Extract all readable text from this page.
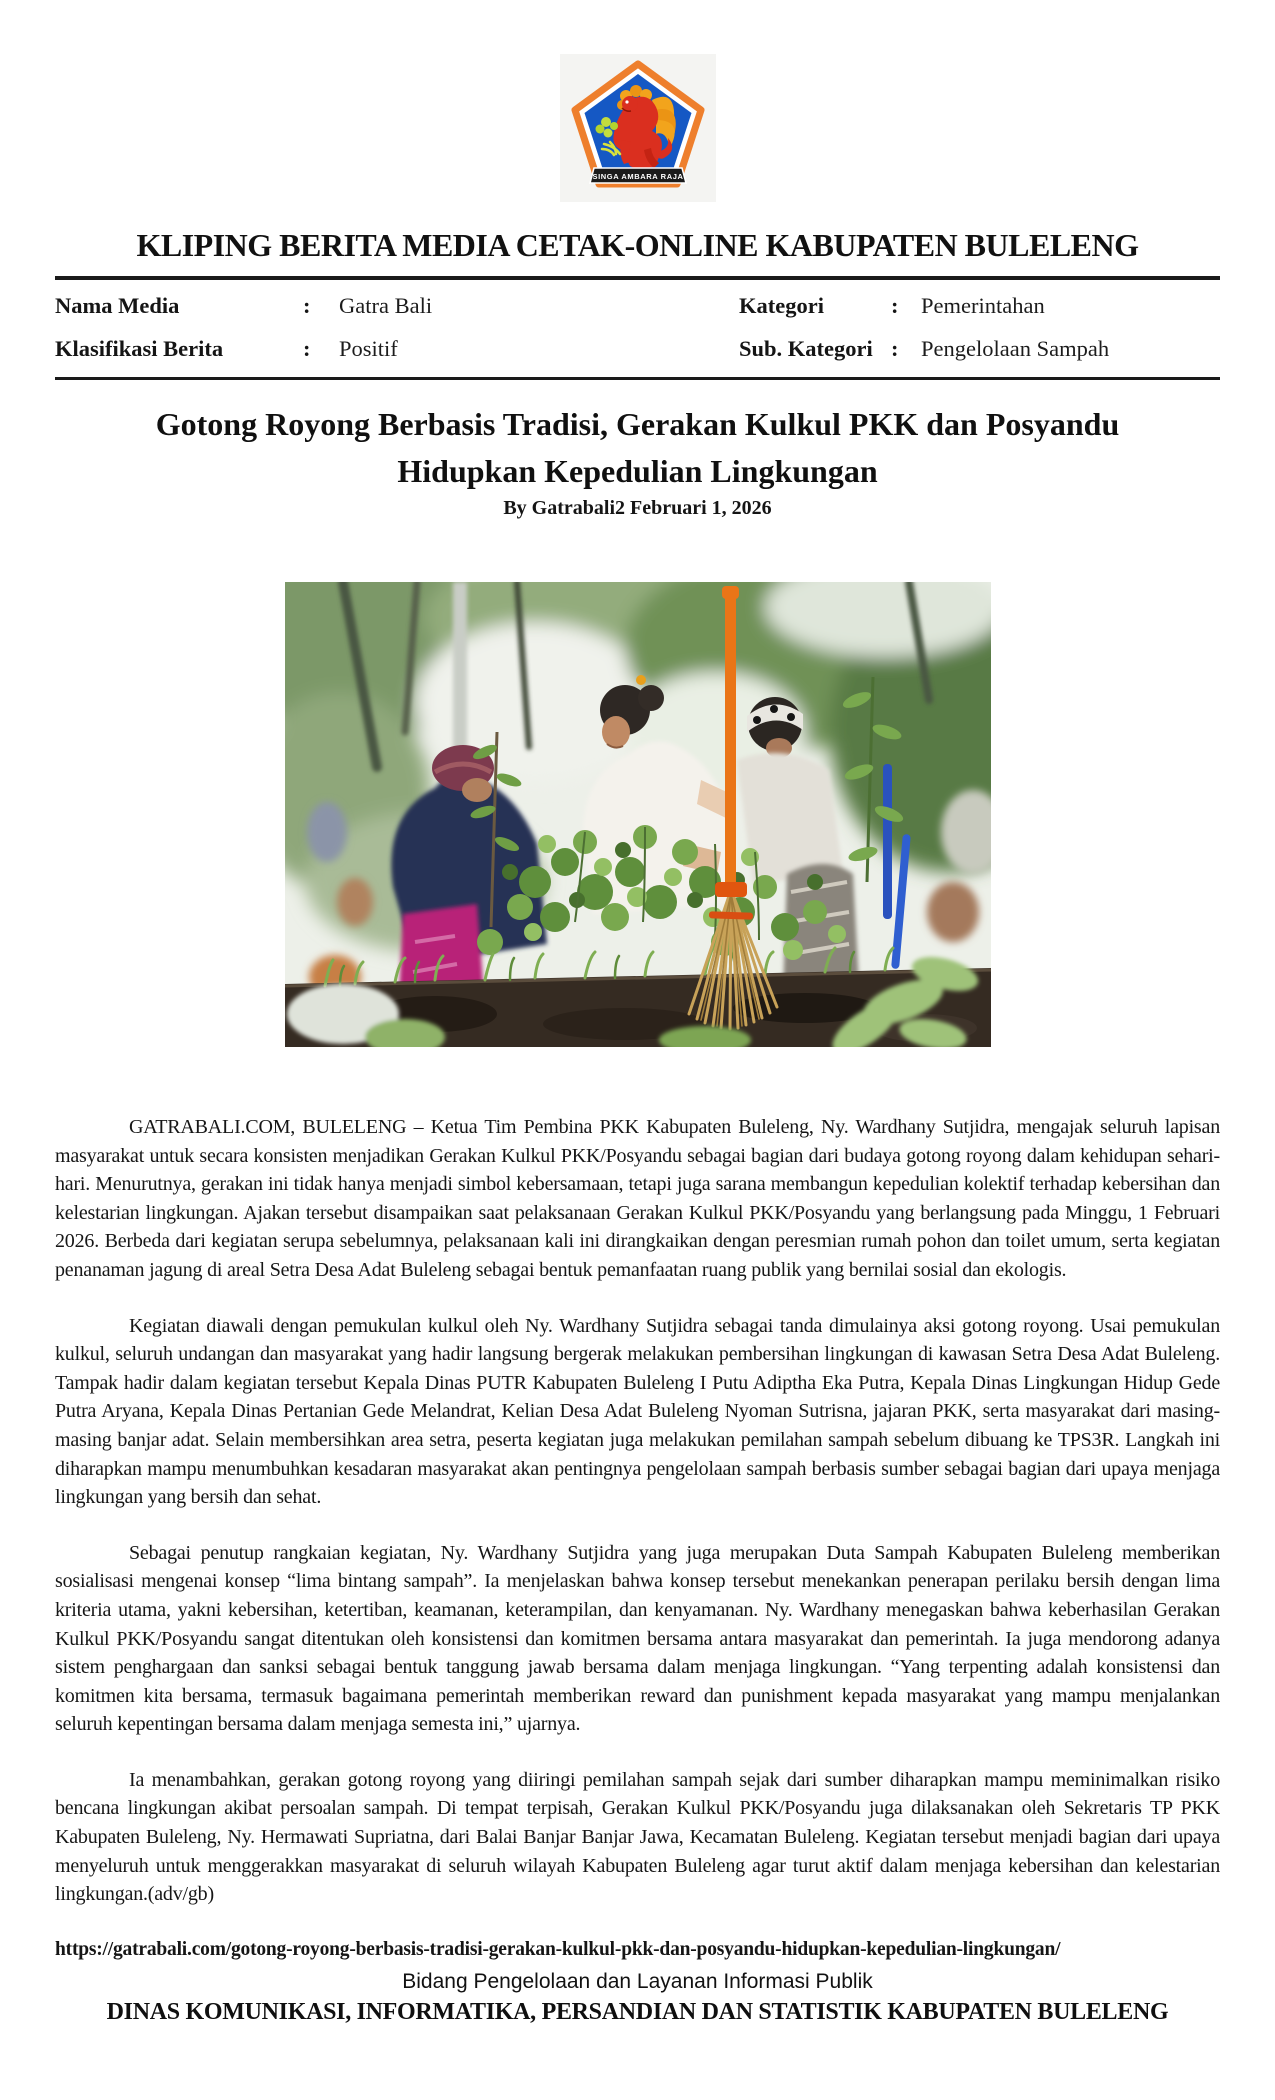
SINGA AMBARA RAJA
KLIPING BERITA MEDIA CETAK-ONLINE KABUPATEN BULELENG
Nama Media	:	Gatra Bali	Kategori	:	Pemerintahan
Klasifikasi Berita	:	Positif	Sub. Kategori :	Pengelolaan Sampah
Gotong Royong Berbasis Tradisi, Gerakan Kulkul PKK dan Posyandu
Hidupkan Kepedulian Lingkungan
By Gatrabali2 Februari 1, 2026

GATRABALI.COM, BULELENG – Ketua Tim Pembina PKK Kabupaten Buleleng, Ny. Wardhany Sutjidra, mengajak seluruh lapisan masyarakat untuk secara konsisten menjadikan Gerakan Kulkul PKK/Posyandu sebagai bagian dari budaya gotong royong dalam kehidupan sehari-hari. Menurutnya, gerakan ini tidak hanya menjadi simbol kebersamaan, tetapi juga sarana membangun kepedulian kolektif terhadap kebersihan dan kelestarian lingkungan. Ajakan tersebut disampaikan saat pelaksanaan Gerakan Kulkul PKK/Posyandu yang berlangsung pada Minggu, 1 Februari 2026. Berbeda dari kegiatan serupa sebelumnya, pelaksanaan kali ini dirangkaikan dengan peresmian rumah pohon dan toilet umum, serta kegiatan penanaman jagung di areal Setra Desa Adat Buleleng sebagai bentuk pemanfaatan ruang publik yang bernilai sosial dan ekologis.

Kegiatan diawali dengan pemukulan kulkul oleh Ny. Wardhany Sutjidra sebagai tanda dimulainya aksi gotong royong. Usai pemukulan kulkul, seluruh undangan dan masyarakat yang hadir langsung bergerak melakukan pembersihan lingkungan di kawasan Setra Desa Adat Buleleng. Tampak hadir dalam kegiatan tersebut Kepala Dinas PUTR Kabupaten Buleleng I Putu Adiptha Eka Putra, Kepala Dinas Lingkungan Hidup Gede Putra Aryana, Kepala Dinas Pertanian Gede Melandrat, Kelian Desa Adat Buleleng Nyoman Sutrisna, jajaran PKK, serta masyarakat dari masing-masing banjar adat. Selain membersihkan area setra, peserta kegiatan juga melakukan pemilahan sampah sebelum dibuang ke TPS3R. Langkah ini diharapkan mampu menumbuhkan kesadaran masyarakat akan pentingnya pengelolaan sampah berbasis sumber sebagai bagian dari upaya menjaga lingkungan yang bersih dan sehat.

Sebagai penutup rangkaian kegiatan, Ny. Wardhany Sutjidra yang juga merupakan Duta Sampah Kabupaten Buleleng memberikan sosialisasi mengenai konsep “lima bintang sampah”. Ia menjelaskan bahwa konsep tersebut menekankan penerapan perilaku bersih dengan lima kriteria utama, yakni kebersihan, ketertiban, keamanan, keterampilan, dan kenyamanan. Ny. Wardhany menegaskan bahwa keberhasilan Gerakan Kulkul PKK/Posyandu sangat ditentukan oleh konsistensi dan komitmen bersama antara masyarakat dan pemerintah. Ia juga mendorong adanya sistem penghargaan dan sanksi sebagai bentuk tanggung jawab bersama dalam menjaga lingkungan. “Yang terpenting adalah konsistensi dan komitmen kita bersama, termasuk bagaimana pemerintah memberikan reward dan punishment kepada masyarakat yang mampu menjalankan seluruh kepentingan bersama dalam menjaga semesta ini,” ujarnya.

Ia menambahkan, gerakan gotong royong yang diiringi pemilahan sampah sejak dari sumber diharapkan mampu meminimalkan risiko bencana lingkungan akibat persoalan sampah. Di tempat terpisah, Gerakan Kulkul PKK/Posyandu juga dilaksanakan oleh Sekretaris TP PKK Kabupaten Buleleng, Ny. Hermawati Supriatna, dari Balai Banjar Banjar Jawa, Kecamatan Buleleng. Kegiatan tersebut menjadi bagian dari upaya menyeluruh untuk menggerakkan masyarakat di seluruh wilayah Kabupaten Buleleng agar turut aktif dalam menjaga kebersihan dan kelestarian lingkungan.(adv/gb)

https://gatrabali.com/gotong-royong-berbasis-tradisi-gerakan-kulkul-pkk-dan-posyandu-hidupkan-kepedulian-lingkungan/
Bidang Pengelolaan dan Layanan Informasi Publik
DINAS KOMUNIKASI, INFORMATIKA, PERSANDIAN DAN STATISTIK KABUPATEN BULELENG
